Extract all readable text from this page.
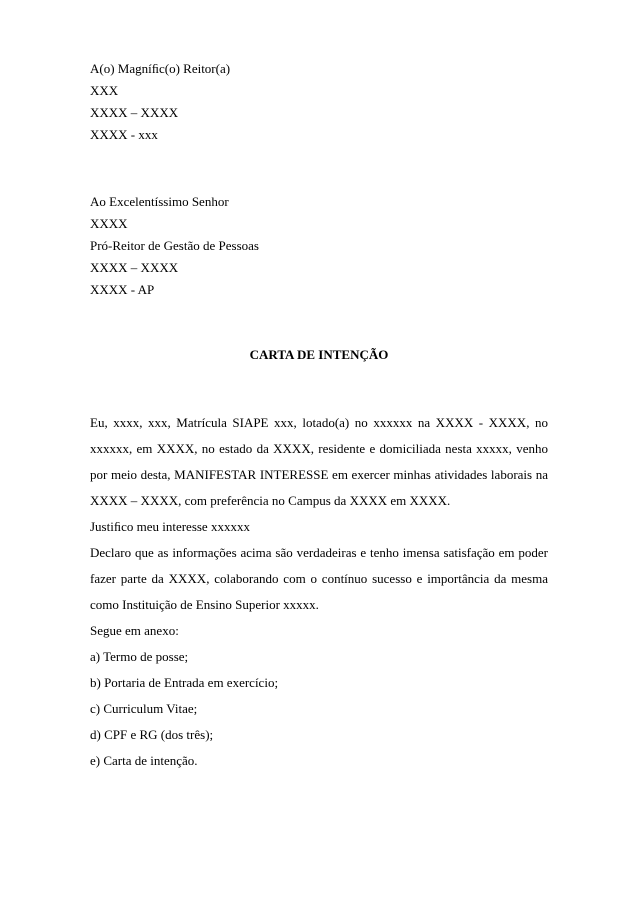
A(o) Magníﬁc(o) Reitor(a)
XXX
XXXX – XXXX
XXXX - xxx
Ao Excelentíssimo Senhor
XXXX
Pró-Reitor de Gestão de Pessoas
XXXX – XXXX
XXXX - AP
CARTA DE INTENÇÃO

Eu, xxxx, xxx, Matrícula SIAPE xxx, lotado(a) no xxxxxx na XXXX - XXXX, no xxxxxx, em XXXX, no estado da XXXX, residente e domiciliada nesta xxxxx, venho por meio desta, MANIFESTAR INTERESSE em exercer minhas atividades laborais na XXXX – XXXX, com preferência no Campus da XXXX em XXXX.

Justiﬁco meu interesse xxxxxx

Declaro que as informações acima são verdadeiras e tenho imensa satisfação em poder fazer parte da XXXX, colaborando com o contínuo sucesso e importância da mesma como Instituição de Ensino Superior xxxxx.

Segue em anexo:

a) Termo de posse;

b) Portaria de Entrada em exercício;

c) Curriculum Vitae;

d) CPF e RG (dos três);

e) Carta de intenção.
